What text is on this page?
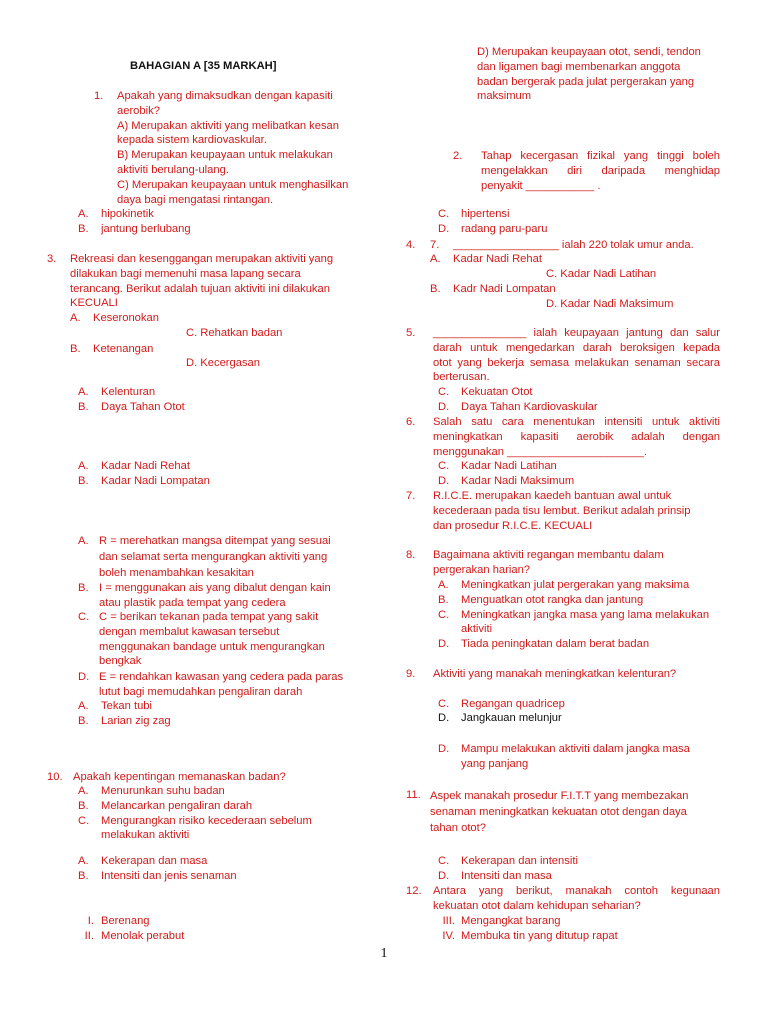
BAHAGIAN A [35 MARKAH]
1. Apakah yang dimaksudkan dengan kapasiti
aerobik?
A) Merupakan aktiviti yang melibatkan kesan
kepada sistem kardiovaskular.
B) Merupakan keupayaan untuk melakukan
aktiviti berulang-ulang.
C) Merupakan keupayaan untuk menghasilkan
daya bagi mengatasi rintangan.
A.
B.
hipokinetik
jantung berlubang
3. Rekreasi dan kesenggangan merupakan aktiviti yang
dilakukan bagi memenuhi masa lapang secara
terancang. Berikut adalah tujuan aktiviti ini dilakukan
KECUALI
A. Keseronokan
C. Rehatkan badan
B. Ketenangan
D. Kecergasan
A.
B.
Kelenturan
Daya Tahan Otot
A.
B.
Kadar Nadi Rehat
Kadar Nadi Lompatan
A. R = merehatkan mangsa ditempat yang sesuai
dan selamat serta mengurangkan aktiviti yang
boleh menambahkan kesakitan
B. I = menggunakan ais yang dibalut dengan kain
atau plastik pada tempat yang cedera
C. C = berikan tekanan pada tempat yang sakit
dengan membalut kawasan tersebut
menggunakan bandage untuk mengurangkan
bengkak
D. E = rendahkan kawasan yang cedera pada paras
lutut bagi memudahkan pengaliran darah
A.
B.
Tekan tubi
Larian zig zag
10. Apakah kepentingan memanaskan badan?
A.
B.
C.
Menurunkan suhu badan
Melancarkan pengaliran darah
Mengurangkan risiko kecederaan sebelum
melakukan aktiviti
A.
B.
Kekerapan dan masa
Intensiti dan jenis senaman
I.
II.
Berenang
Menolak perabut
D) Merupakan keupayaan otot, sendi, tendon
dan ligamen bagi membenarkan anggota
badan bergerak pada julat pergerakan yang
maksimum
2. Tahap kecergasan fizikal yang tinggi boleh
mengelakkan diri daripada menghidap
penyakit ___________ .
C.
D.
hipertensi
radang paru-paru
4. 7. _________________ ialah 220 tolak umur anda.
A. Kadar Nadi Rehat
C. Kadar Nadi Latihan
B. Kadr Nadi Lompatan
D. Kadar Nadi Maksimum
5. _______________ ialah keupayaan jantung dan salur
darah untuk mengedarkan darah beroksigen kepada
otot yang bekerja semasa melakukan senaman secara
berterusan.
C.
D.
Kekuatan Otot
Daya Tahan Kardiovaskular
6. Salah satu cara menentukan intensiti untuk aktiviti
meningkatkan kapasiti aerobik adalah dengan
menggunakan ______________________.
C.
D.
Kadar Nadi Latihan
Kadar Nadi Maksimum
7. R.I.C.E. merupakan kaedeh bantuan awal untuk
kecederaan pada tisu lembut. Berikut adalah prinsip
dan prosedur R.I.C.E. KECUALI
8. Bagaimana aktiviti regangan membantu dalam
pergerakan harian?
A.
B.
C.

D.
Meningkatkan julat pergerakan yang maksima
Menguatkan otot rangka dan jantung
Meningkatkan jangka masa yang lama melakukan
aktiviti
Tiada peningkatan dalam berat badan
9. Aktiviti yang manakah meningkatkan kelenturan?
C.
D.
Regangan quadricep
Jangkauan melunjur
D. Mampu melakukan aktiviti dalam jangka masa
yang panjang
11. Aspek manakah prosedur F.I.T.T yang membezakan
senaman meningkatkan kekuatan otot dengan daya
tahan otot?
C.
D.
Kekerapan dan intensiti
Intensiti dan masa
12. Antara yang berikut, manakah contoh kegunaan
kekuatan otot dalam kehidupan seharian?
III.
IV.
Mengangkat barang
Membuka tin yang ditutup rapat
1
